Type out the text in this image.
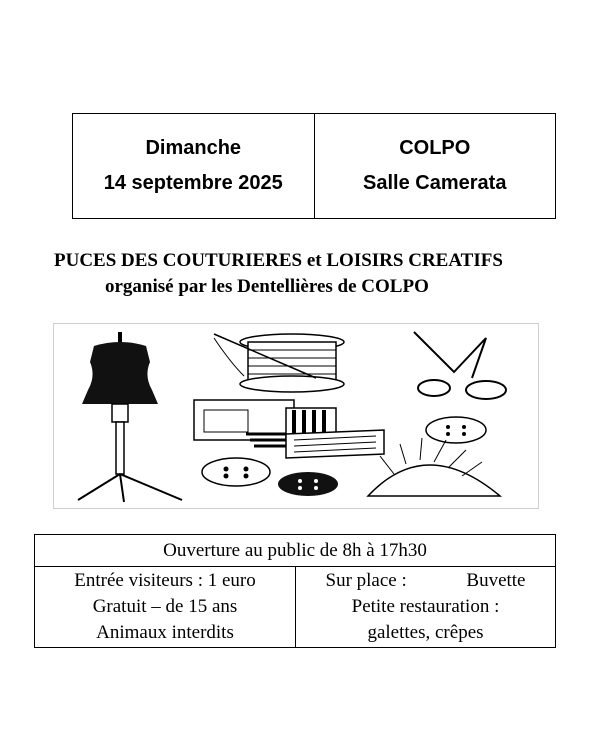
Dimanche
14 septembre 2025
COLPO
Salle Camerata
PUCES DES COUTURIERES et LOISIRS CREATIFS
organisé par les Dentellières de COLPO
Ouverture au public de 8h à 17h30
Entrée visiteurs : 1 euro
Gratuit – de 15 ans
Animaux interdits
Sur place :	Buvette
Petite restauration :
galettes, crêpes
